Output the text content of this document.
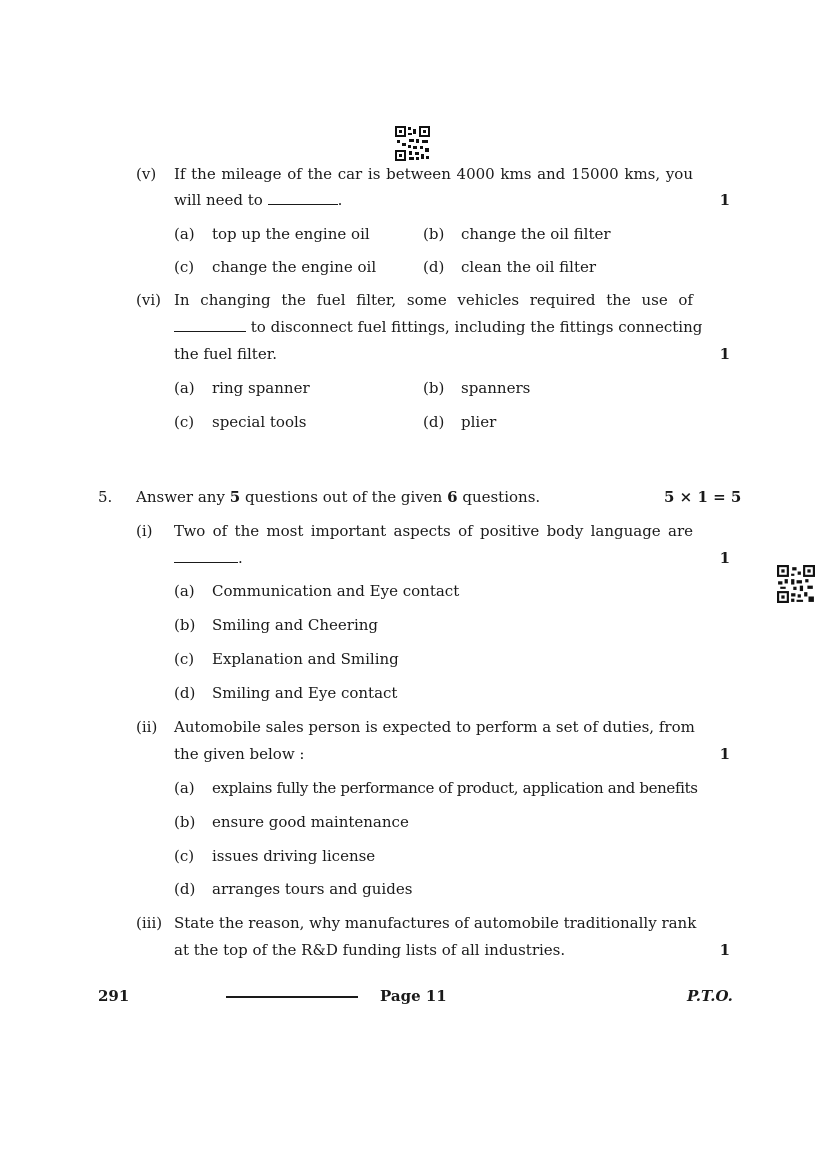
(v) If the mileage of the car is between 4000 kms and 15000 kms, you
will need to	.	1
(a) top up the engine oil	(b) change the oil filter
(c) change the engine oil	(d) clean the oil filter
(vi) In changing the fuel filter, some vehicles required the use of
to disconnect fuel fittings, including the fittings connecting
the fuel filter.	1
(a) ring spanner	(b) spanners
(c) special tools	(d) plier
5. Answer any 5 questions out of the given 6 questions.	5 × 1 = 5
(i) Two of the most important aspects of positive body language are
.	1
(a) Communication and Eye contact
(b) Smiling and Cheering
(c) Explanation and Smiling
(d) Smiling and Eye contact
(ii) Automobile sales person is expected to perform a set of duties, from
the given below :	1
(a) explains fully the performance of product, application and benefits
(b) ensure good maintenance
(c) issues driving license
(d) arranges tours and guides
(iii) State the reason, why manufactures of automobile traditionally rank
at the top of the R&D funding lists of all industries.	1
291	Page 11	P.T.O.
